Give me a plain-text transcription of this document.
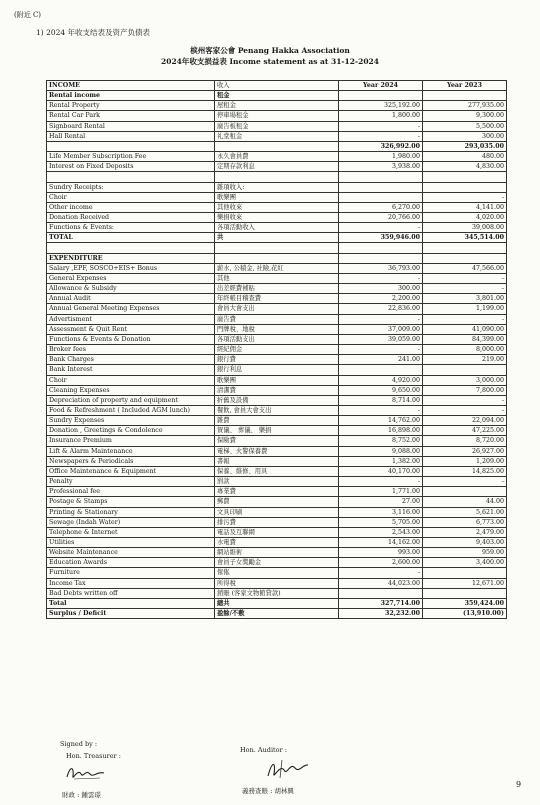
(附近 C)
1) 2024 年收支结表及资产负债表
槟州客家公會 Penang Hakka Association
2024年收支损益表 Income statement as at 31-12-2024
INCOME	收入	Year 2024	Year 2023
Rental income	租金		
Rental Property	屋租金	325,192.00	277,935.00
Rental Car Park	停車場租金	1,800.00	9,300.00
Signboard Rental	廣告板租金	-	5,500.00
Hall Rental	礼堂租金	-	300.00
		326,992.00	293,035.00
Life Member Subscription Fee	永久會員費	1,980.00	480.00
Interest on Fixed Deposits	定期存款利息	3,938.00	4,830.00

Sundry Receipts:	雜項收入:		
Choir	歌樂團		-
Other income	其他收來	6,270.00	4,141.00
Donation Received	樂捐收來	20,766.00	4,020.00
Functions & Events:	各項活動收入	-	39,008.00
TOTAL	共	359,946.00	345,514.00

EXPENDITURE			
Salary ,EPF, SOSCO+EIS+ Bonus	薪水, 公積金, 社險,花紅	36,793.00	47,566.00
General Expenses	其他	-	-
Allowance & Subsidy	出差經費補貼	300.00	-
Annual Audit	年終帳目稽查費	2,200.00	3,801.00
Annual General Meeting Expenses	會員大會支出	22,836.00	1,199.00
Advertisment	廣告費	-	-
Assessment & Quit Rent	門牌稅、地稅	37,009.00	41,090.00
Functions & Events & Donation	各項活動支出	39,059.00	84,399.00
Broker fees	經紀佣金	-	8,000.00
Bank Charges	銀行費	241.00	219.00
Bank Interest	銀行利息		
Choir	歌樂團	4,920.00	3,000.00
Cleaning Expenses	清潔費	9,650.00	7,800.00
Depreciation of property and equipment	折舊及設備	8,714.00	-
Food & Refreshment ( Included AGM lunch)	餐飲, 會員大會支出	-	-
Sundry Expenses	雜費	14,762.00	22,094.00
Donation , Greetings & Condolence	賀儀、 葬儀、 樂捐	16,898.00	47,225.00
Insurance Premium	保險費	8,752.00	8,720.00
Lift & Alarm Maintenance	電梯、火警保養費	9,088.00	26,927.00
Newspapers & Periodicals	書報	1,382.00	1,209.00
Office Maintenance & Equipment	保養、維修、用具	40,170.00	14,825.00
Penalty	罰款	-	-
Professional fee	專業費	1,771.00	
Postage & Stamps	郵費	27.00	44.00
Printing & Stationary	文具印刷	3,116.00	5,621.00
Sewage (Indah Water)	排污費	5,705.00	6,773.00
Telephone & Internet	電話及互聯網	2,543.00	2,479.00
Utilities	水電費	14,162.00	9,403.00
Website Maintenance	網站維術	993.00	959.00
Education Awards	會員子女獎勵金	2,600.00	3,400.00
Furniture	傢俬	-	
Income Tax	所得稅	44,023.00	12,671.00
Bad Debts written off	銷賬 (客家文物館貸款)		
Total	總共	327,714.00	359,424.00
Surplus / Deficit	盈餘/不敷	32,232.00	(13,910.00)
Signed by :
Hon. Treasurer :
Hon. Auditor :
財政 : 鍾雲璟	義務查賬 : 胡林興
9
